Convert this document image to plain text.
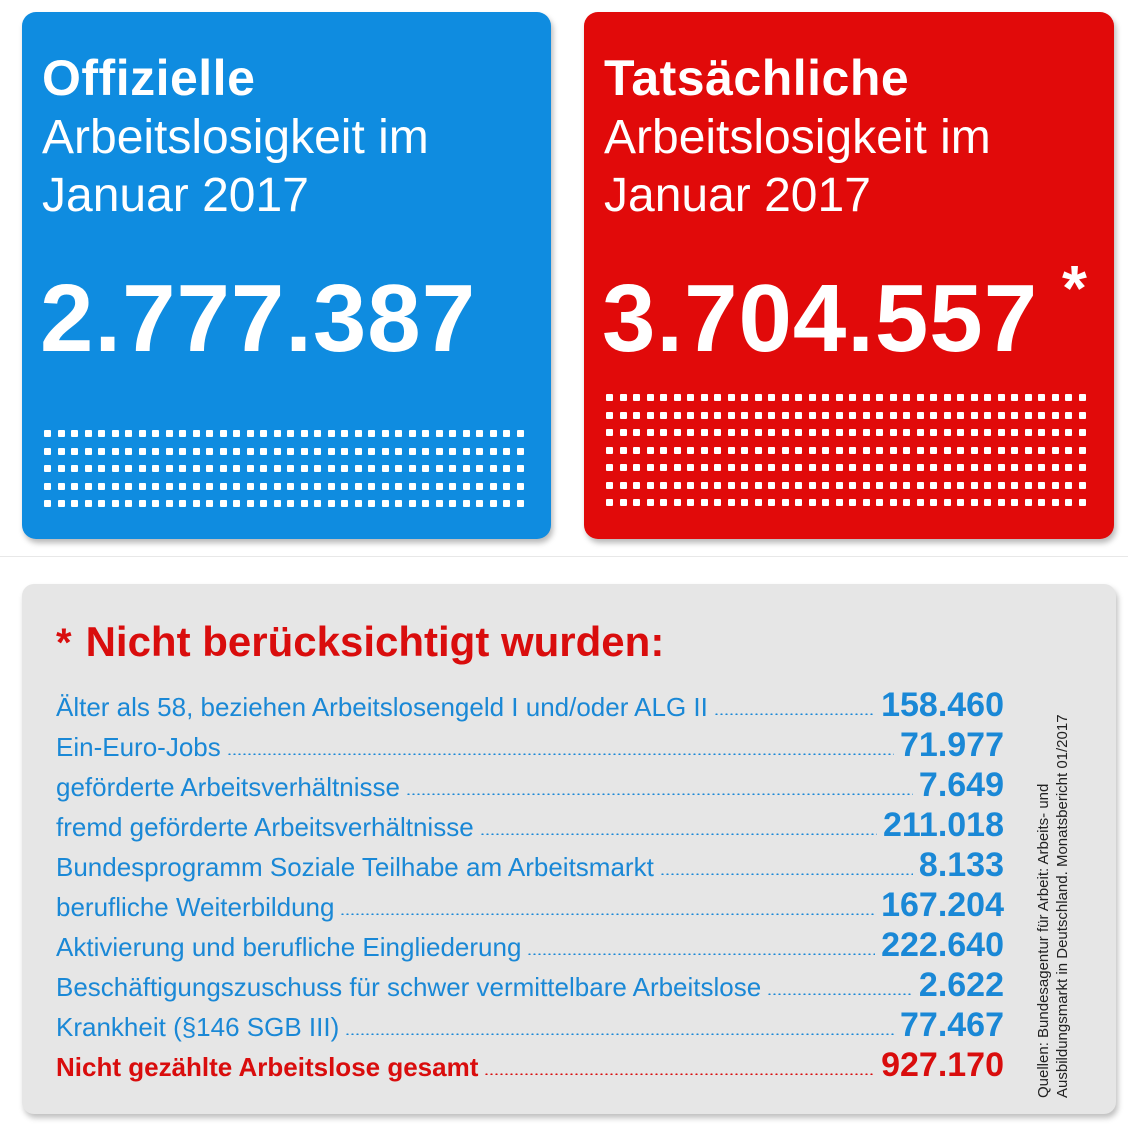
Offizielle
Arbeitslosigkeit im
Januar 2017
2.777.387
Tatsächliche
Arbeitslosigkeit im
Januar 2017
3.704.557 *
* Nicht berücksichtigt wurden:
Älter als 58, beziehen Arbeitslosengeld I und/oder ALG II	158.460
Ein-Euro-Jobs	71.977
geförderte Arbeitsverhältnisse	7.649
fremd geförderte Arbeitsverhältnisse	211.018
Bundesprogramm Soziale Teilhabe am Arbeitsmarkt	8.133
berufliche Weiterbildung	167.204
Aktivierung und berufliche Eingliederung	222.640
Beschäftigungszuschuss für schwer vermittelbare Arbeitslose	2.622
Krankheit (§146 SGB III)	77.467
Nicht gezählte Arbeitslose gesamt	927.170 Quellen: Bundesagentur für Arbeit: Arbeits- und Ausbildungsmarkt in Deutschland. Monatsbericht 01/2017
